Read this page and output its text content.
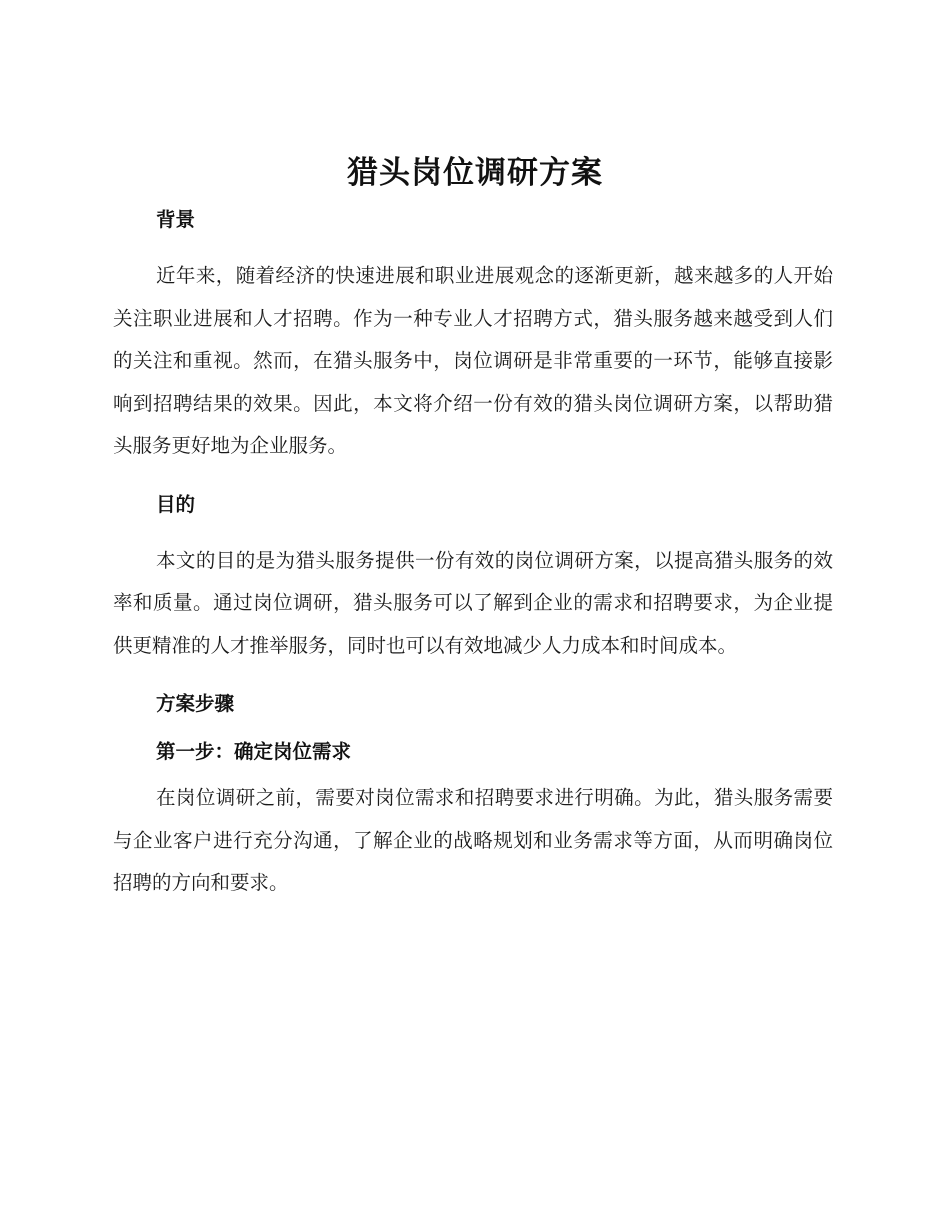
猎头岗位调研方案
背景

近年来，随着经济的快速进展和职业进展观念的逐渐更新，越来越多的人开始关注职业进展和人才招聘。作为一种专业人才招聘方式，猎头服务越来越受到人们的关注和重视。然而，在猎头服务中，岗位调研是非常重要的一环节，能够直接影响到招聘结果的效果。因此，本文将介绍一份有效的猎头岗位调研方案，以帮助猎头服务更好地为企业服务。

目的

本文的目的是为猎头服务提供一份有效的岗位调研方案，以提高猎头服务的效率和质量。通过岗位调研，猎头服务可以了解到企业的需求和招聘要求，为企业提供更精准的人才推举服务，同时也可以有效地减少人力成本和时间成本。

方案步骤
第一步：确定岗位需求

在岗位调研之前，需要对岗位需求和招聘要求进行明确。为此，猎头服务需要与企业客户进行充分沟通，了解企业的战略规划和业务需求等方面，从而明确岗位招聘的方向和要求。
